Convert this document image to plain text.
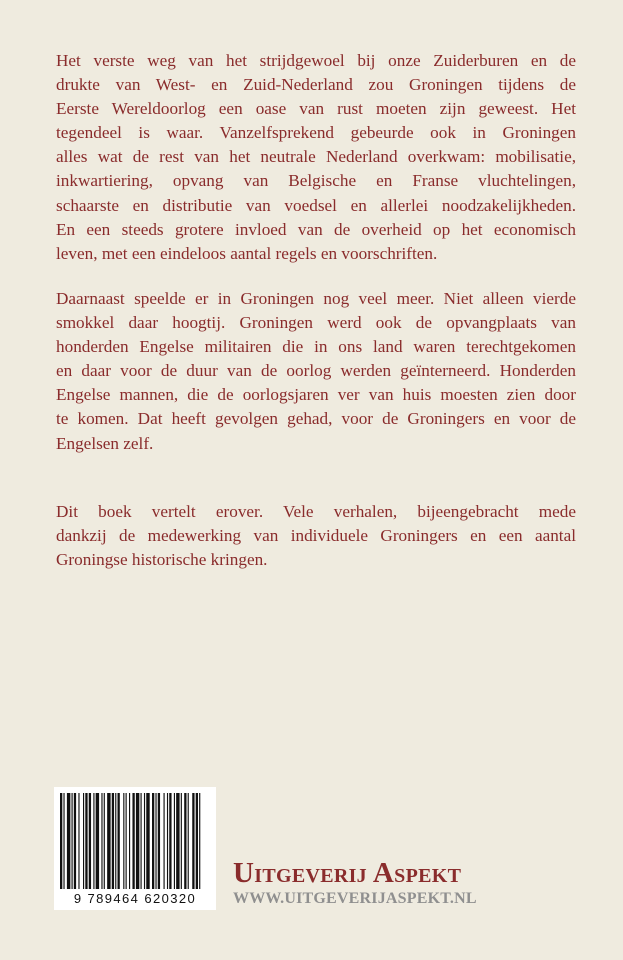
Het verste weg van het strijdgewoel bij onze Zuiderburen en de
drukte van West- en Zuid-Nederland zou Groningen tijdens de
Eerste Wereldoorlog een oase van rust moeten zijn geweest. Het
tegendeel is waar. Vanzelfsprekend gebeurde ook in Groningen
alles wat de rest van het neutrale Nederland overkwam: mobilisatie,
inkwartiering, opvang van Belgische en Franse vluchtelingen,
schaarste en distributie van voedsel en allerlei noodzakelijkheden.
En een steeds grotere invloed van de overheid op het economisch
leven, met een eindeloos aantal regels en voorschriften.
Daarnaast speelde er in Groningen nog veel meer. Niet alleen vierde
smokkel daar hoogtij. Groningen werd ook de opvangplaats van
honderden Engelse militairen die in ons land waren terechtgekomen
en daar voor de duur van de oorlog werden geïnterneerd. Honderden
Engelse mannen, die de oorlogsjaren ver van huis moesten zien door
te komen. Dat heeft gevolgen gehad, voor de Groningers en voor de
Engelsen zelf.
Dit boek vertelt erover. Vele verhalen, bijeengebracht mede
dankzij de medewerking van individuele Groningers en een aantal
Groningse historische kringen.
9 789464 620320
Uitgeverij Aspekt
WWW.UITGEVERIJASPEKT.NL
